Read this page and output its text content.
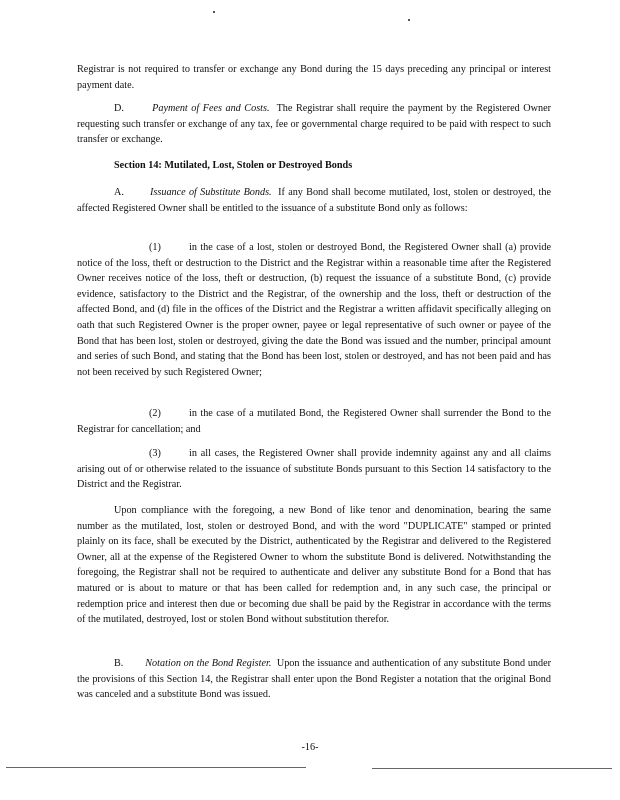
Registrar is not required to transfer or exchange any Bond during the 15 days preceding any principal or interest payment date.

D.	Payment of Fees and Costs. The Registrar shall require the payment by the Registered Owner requesting such transfer or exchange of any tax, fee or governmental charge required to be paid with respect to such transfer or exchange.

Section 14: Mutilated, Lost, Stolen or Destroyed Bonds

A.	Issuance of Substitute Bonds. If any Bond shall become mutilated, lost, stolen or destroyed, the affected Registered Owner shall be entitled to the issuance of a substitute Bond only as follows:

(1)	in the case of a lost, stolen or destroyed Bond, the Registered Owner shall (a) provide notice of the loss, theft or destruction to the District and the Registrar within a reasonable time after the Registered Owner receives notice of the loss, theft or destruction, (b) request the issuance of a substitute Bond, (c) provide evidence, satisfactory to the District and the Registrar, of the ownership and the loss, theft or destruction of the affected Bond, and (d) file in the offices of the District and the Registrar a written affidavit specifically alleging on oath that such Registered Owner is the proper owner, payee or legal representative of such owner or payee of the Bond that has been lost, stolen or destroyed, giving the date the Bond was issued and the number, principal amount and series of such Bond, and stating that the Bond has been lost, stolen or destroyed, and has not been paid and has not been received by such Registered Owner;

(2)	in the case of a mutilated Bond, the Registered Owner shall surrender the Bond to the Registrar for cancellation; and

(3)	in all cases, the Registered Owner shall provide indemnity against any and all claims arising out of or otherwise related to the issuance of substitute Bonds pursuant to this Section 14 satisfactory to the District and the Registrar.

Upon compliance with the foregoing, a new Bond of like tenor and denomination, bearing the same number as the mutilated, lost, stolen or destroyed Bond, and with the word "DUPLICATE" stamped or printed plainly on its face, shall be executed by the District, authenticated by the Registrar and delivered to the Registered Owner, all at the expense of the Registered Owner to whom the substitute Bond is delivered. Notwithstanding the foregoing, the Registrar shall not be required to authenticate and deliver any substitute Bond for a Bond that has matured or is about to mature or that has been called for redemption and, in any such case, the principal or redemption price and interest then due or becoming due shall be paid by the Registrar in accordance with the terms of the mutilated, destroyed, lost or stolen Bond without substitution therefor.

B. Notation on the Bond Register. Upon the issuance and authentication of any substitute Bond under the provisions of this Section 14, the Registrar shall enter upon the Bond Register a notation that the original Bond was canceled and a substitute Bond was issued.

-16-
